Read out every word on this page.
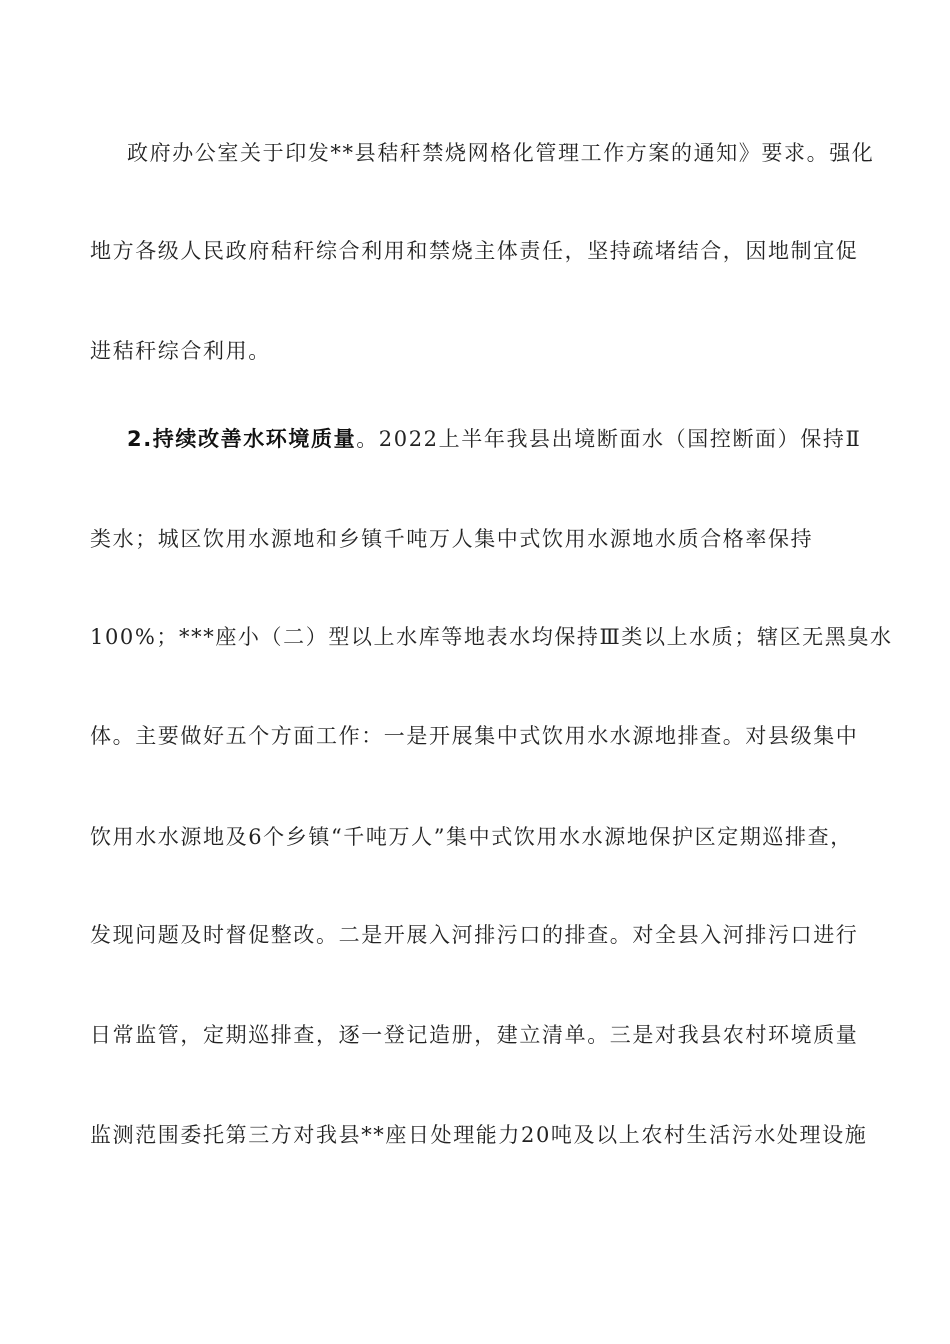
政府办公室关于印发**县秸秆禁烧网格化管理工作方案的通知》要求。强化
地方各级人民政府秸秆综合利用和禁烧主体责任，坚持疏堵结合，因地制宜促
进秸秆综合利用。
2.持续改善水环境质量。2022上半年我县出境断面水（国控断面）保持Ⅱ
类水；城区饮用水源地和乡镇千吨万人集中式饮用水源地水质合格率保持
100%；***座小（二）型以上水库等地表水均保持Ⅲ类以上水质；辖区无黑臭水
体。主要做好五个方面工作：一是开展集中式饮用水水源地排查。对县级集中
饮用水水源地及6个乡镇“千吨万人”集中式饮用水水源地保护区定期巡排查，
发现问题及时督促整改。二是开展入河排污口的排查。对全县入河排污口进行
日常监管，定期巡排查，逐一登记造册，建立清单。三是对我县农村环境质量
监测范围委托第三方对我县**座日处理能力20吨及以上农村生活污水处理设施
